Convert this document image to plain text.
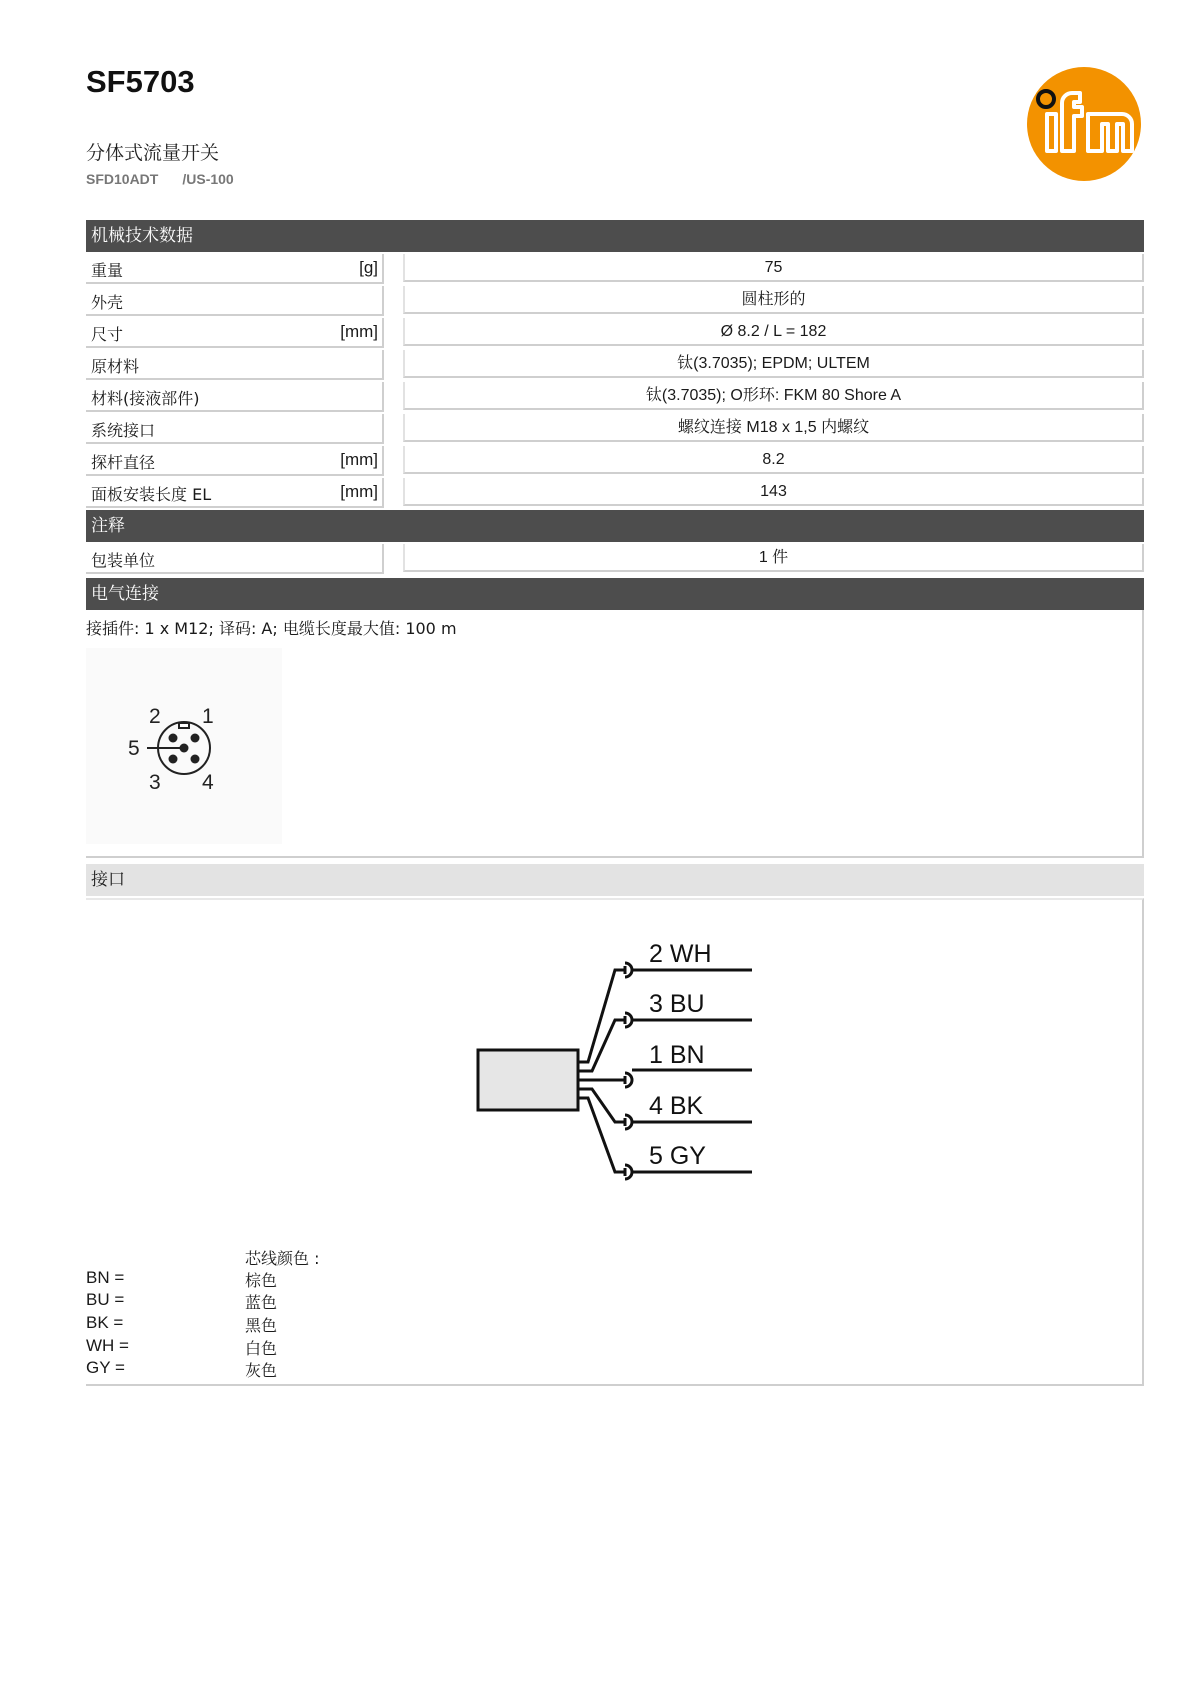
SF5703
分体式流量开关
SFD10ADT /US-100
机械技术数据
重量	[g]	75
外壳	圆柱形的
尺寸	[mm]	Ø 8.2 / L = 182
原材料	钛(3.7035); EPDM; ULTEM
材料(接液部件)	钛(3.7035); O形环: FKM 80 Shore A
系统接口	螺纹连接 M18 x 1,5 内螺纹
探杆直径	[mm]	8.2
面板安装长度 EL	[mm]	143
注释
包装单位	1 件
电气连接
接插件: 1 x M12; 译码: A; 电缆长度最大值: 100 m
2 1
5
3 4
接口
2 WH
3 BU
1 BN
4 BK
5 GY
芯线颜色 :
BN =	棕色
BU =	蓝色
BK =	黑色
WH =	白色
GY =	灰色
